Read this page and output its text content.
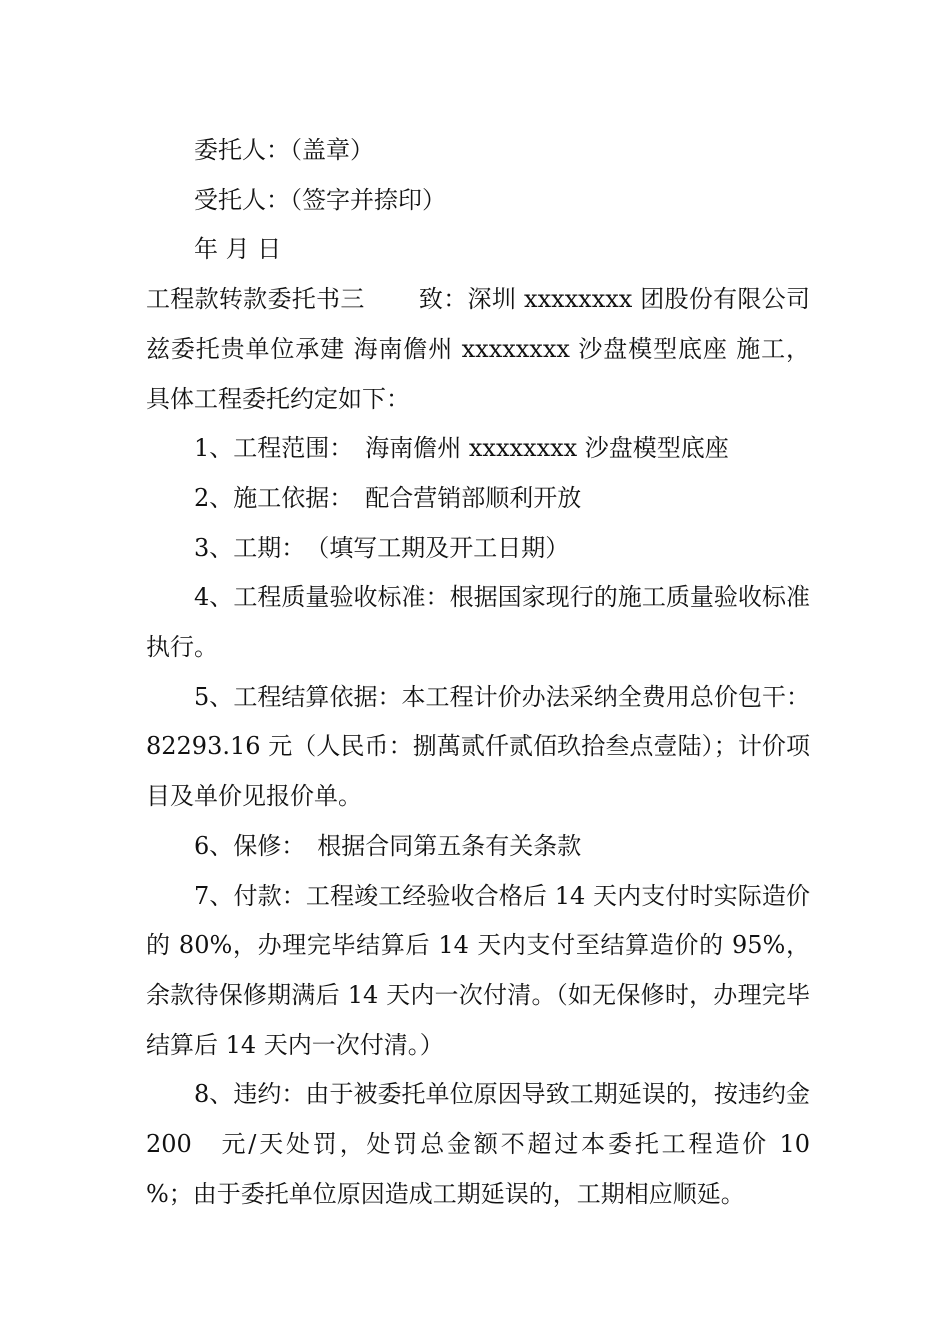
委托人：（盖章）

受托人：（签字并捺印）

年 月 日

工程款转款委托书三 致：深圳 xxxxxxxx 团股份有限公司兹委托贵单位承建 海南儋州 xxxxxxxx 沙盘模型底座 施工，具体工程委托约定如下：

1、工程范围：　海南儋州 xxxxxxxx 沙盘模型底座

2、施工依据：　配合营销部顺利开放

3、工期：　（填写工期及开工日期）

4、工程质量验收标准：根据国家现行的施工质量验收标准执行。

5、工程结算依据：本工程计价办法采纳全费用总价包干：82293.16 元（人民币：捌萬贰仟贰佰玖拾叁点壹陆）；计价项目及单价见报价单。

6、保修：　根据合同第五条有关条款

7、付款：工程竣工经验收合格后 14 天内支付时实际造价的 80%，办理完毕结算后 14 天内支付至结算造价的 95%，余款待保修期满后 14 天内一次付清。（如无保修时，办理完毕结算后 14 天内一次付清。）

8、违约：由于被委托单位原因导致工期延误的，按违约金　200　元/天处罚，处罚总金额不超过本委托工程造价 10　%；由于委托单位原因造成工期延误的，工期相应顺延。
